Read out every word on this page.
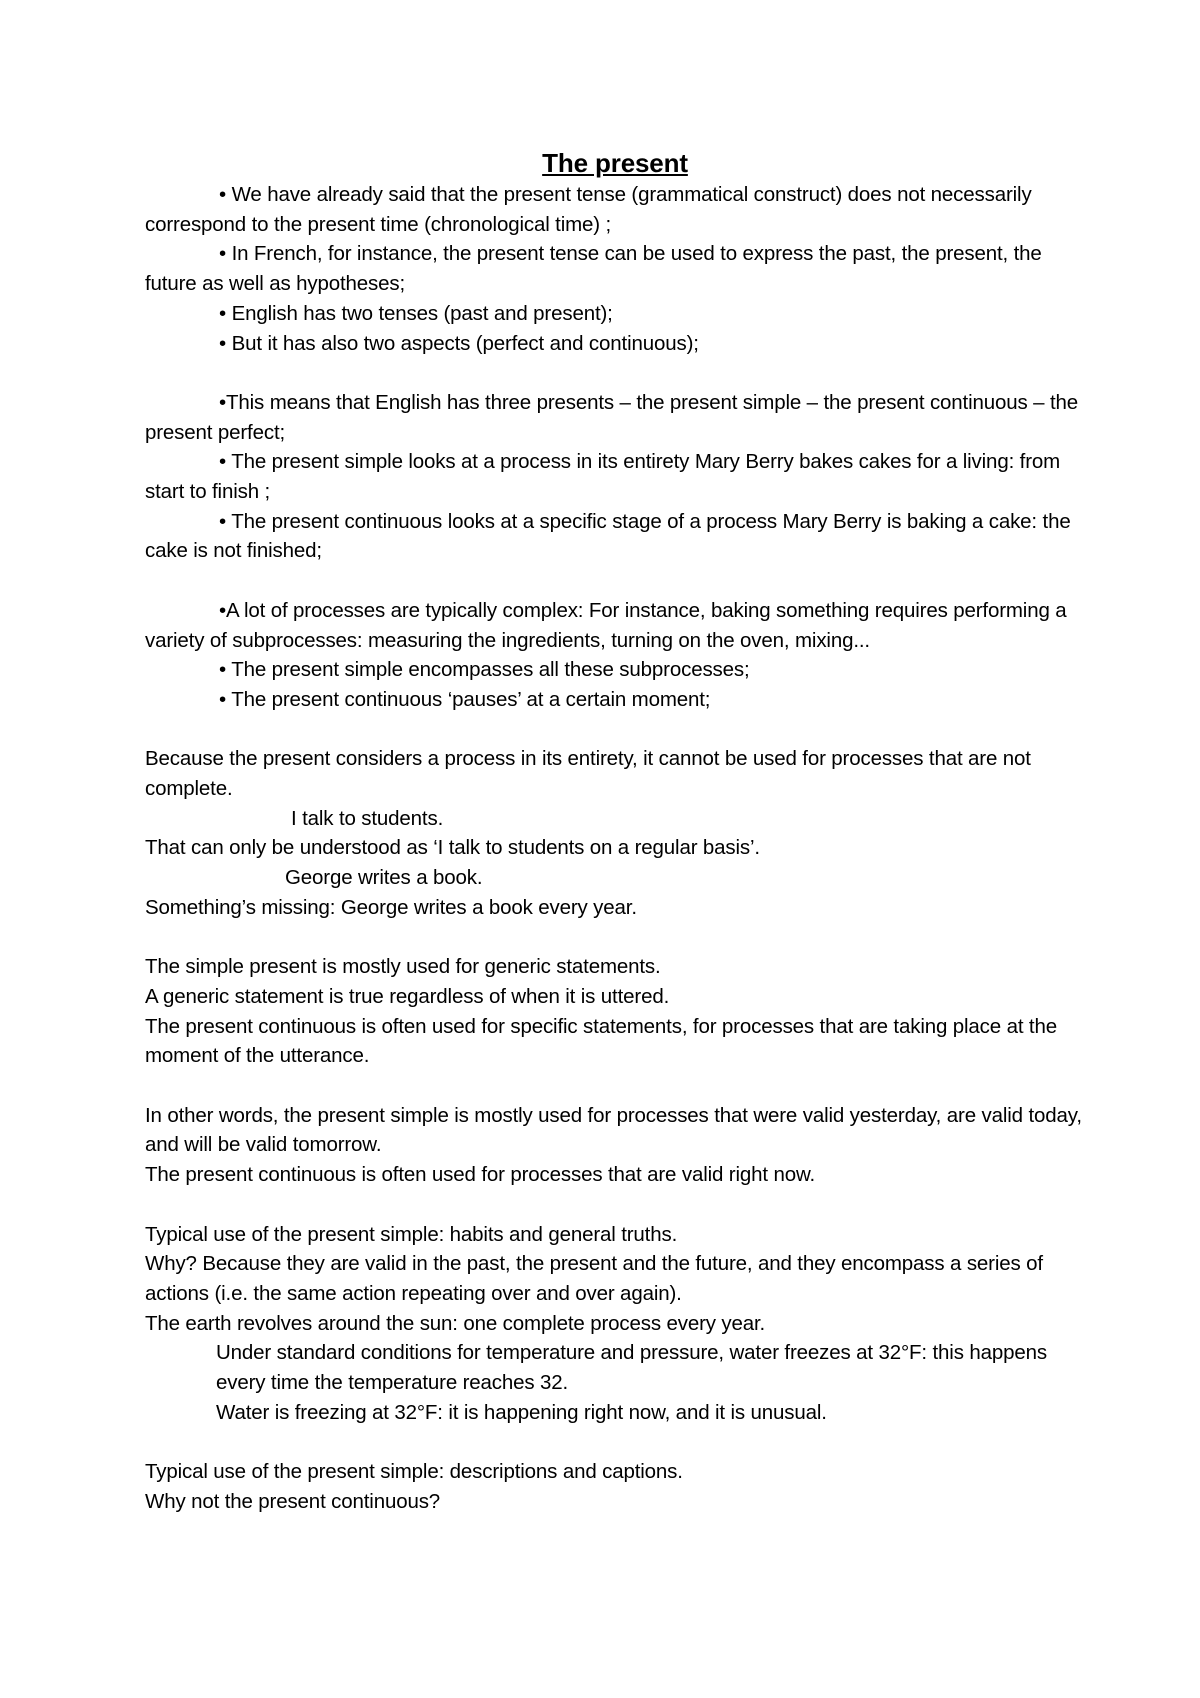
The present

• We have already said that the present tense (grammatical construct) does not necessarily correspond to the present time (chronological time) ;

• In French, for instance, the present tense can be used to express the past, the present, the future as well as hypotheses;

• English has two tenses (past and present);

• But it has also two aspects (perfect and continuous);

•This means that English has three presents – the present simple – the present continuous – the present perfect;

• The present simple looks at a process in its entirety Mary Berry bakes cakes for a living: from start to finish ;

• The present continuous looks at a specific stage of a process Mary Berry is baking a cake: the cake is not finished;

•A lot of processes are typically complex: For instance, baking something requires performing a variety of subprocesses: measuring the ingredients, turning on the oven, mixing...

• The present simple encompasses all these subprocesses;

• The present continuous ‘pauses’ at a certain moment;

Because the present considers a process in its entirety, it cannot be used for processes that are not complete.

I talk to students.

That can only be understood as ‘I talk to students on a regular basis’.

George writes a book.

Something’s missing: George writes a book every year.

The simple present is mostly used for generic statements.

A generic statement is true regardless of when it is uttered.

The present continuous is often used for specific statements, for processes that are taking place at the moment of the utterance.

In other words, the present simple is mostly used for processes that were valid yesterday, are valid today, and will be valid tomorrow.

The present continuous is often used for processes that are valid right now.

Typical use of the present simple: habits and general truths.

Why? Because they are valid in the past, the present and the future, and they encompass a series of actions (i.e. the same action repeating over and over again).

The earth revolves around the sun: one complete process every year.

Under standard conditions for temperature and pressure, water freezes at 32°F: this happens every time the temperature reaches 32.

Water is freezing at 32°F: it is happening right now, and it is unusual.

Typical use of the present simple: descriptions and captions.

Why not the present continuous?
